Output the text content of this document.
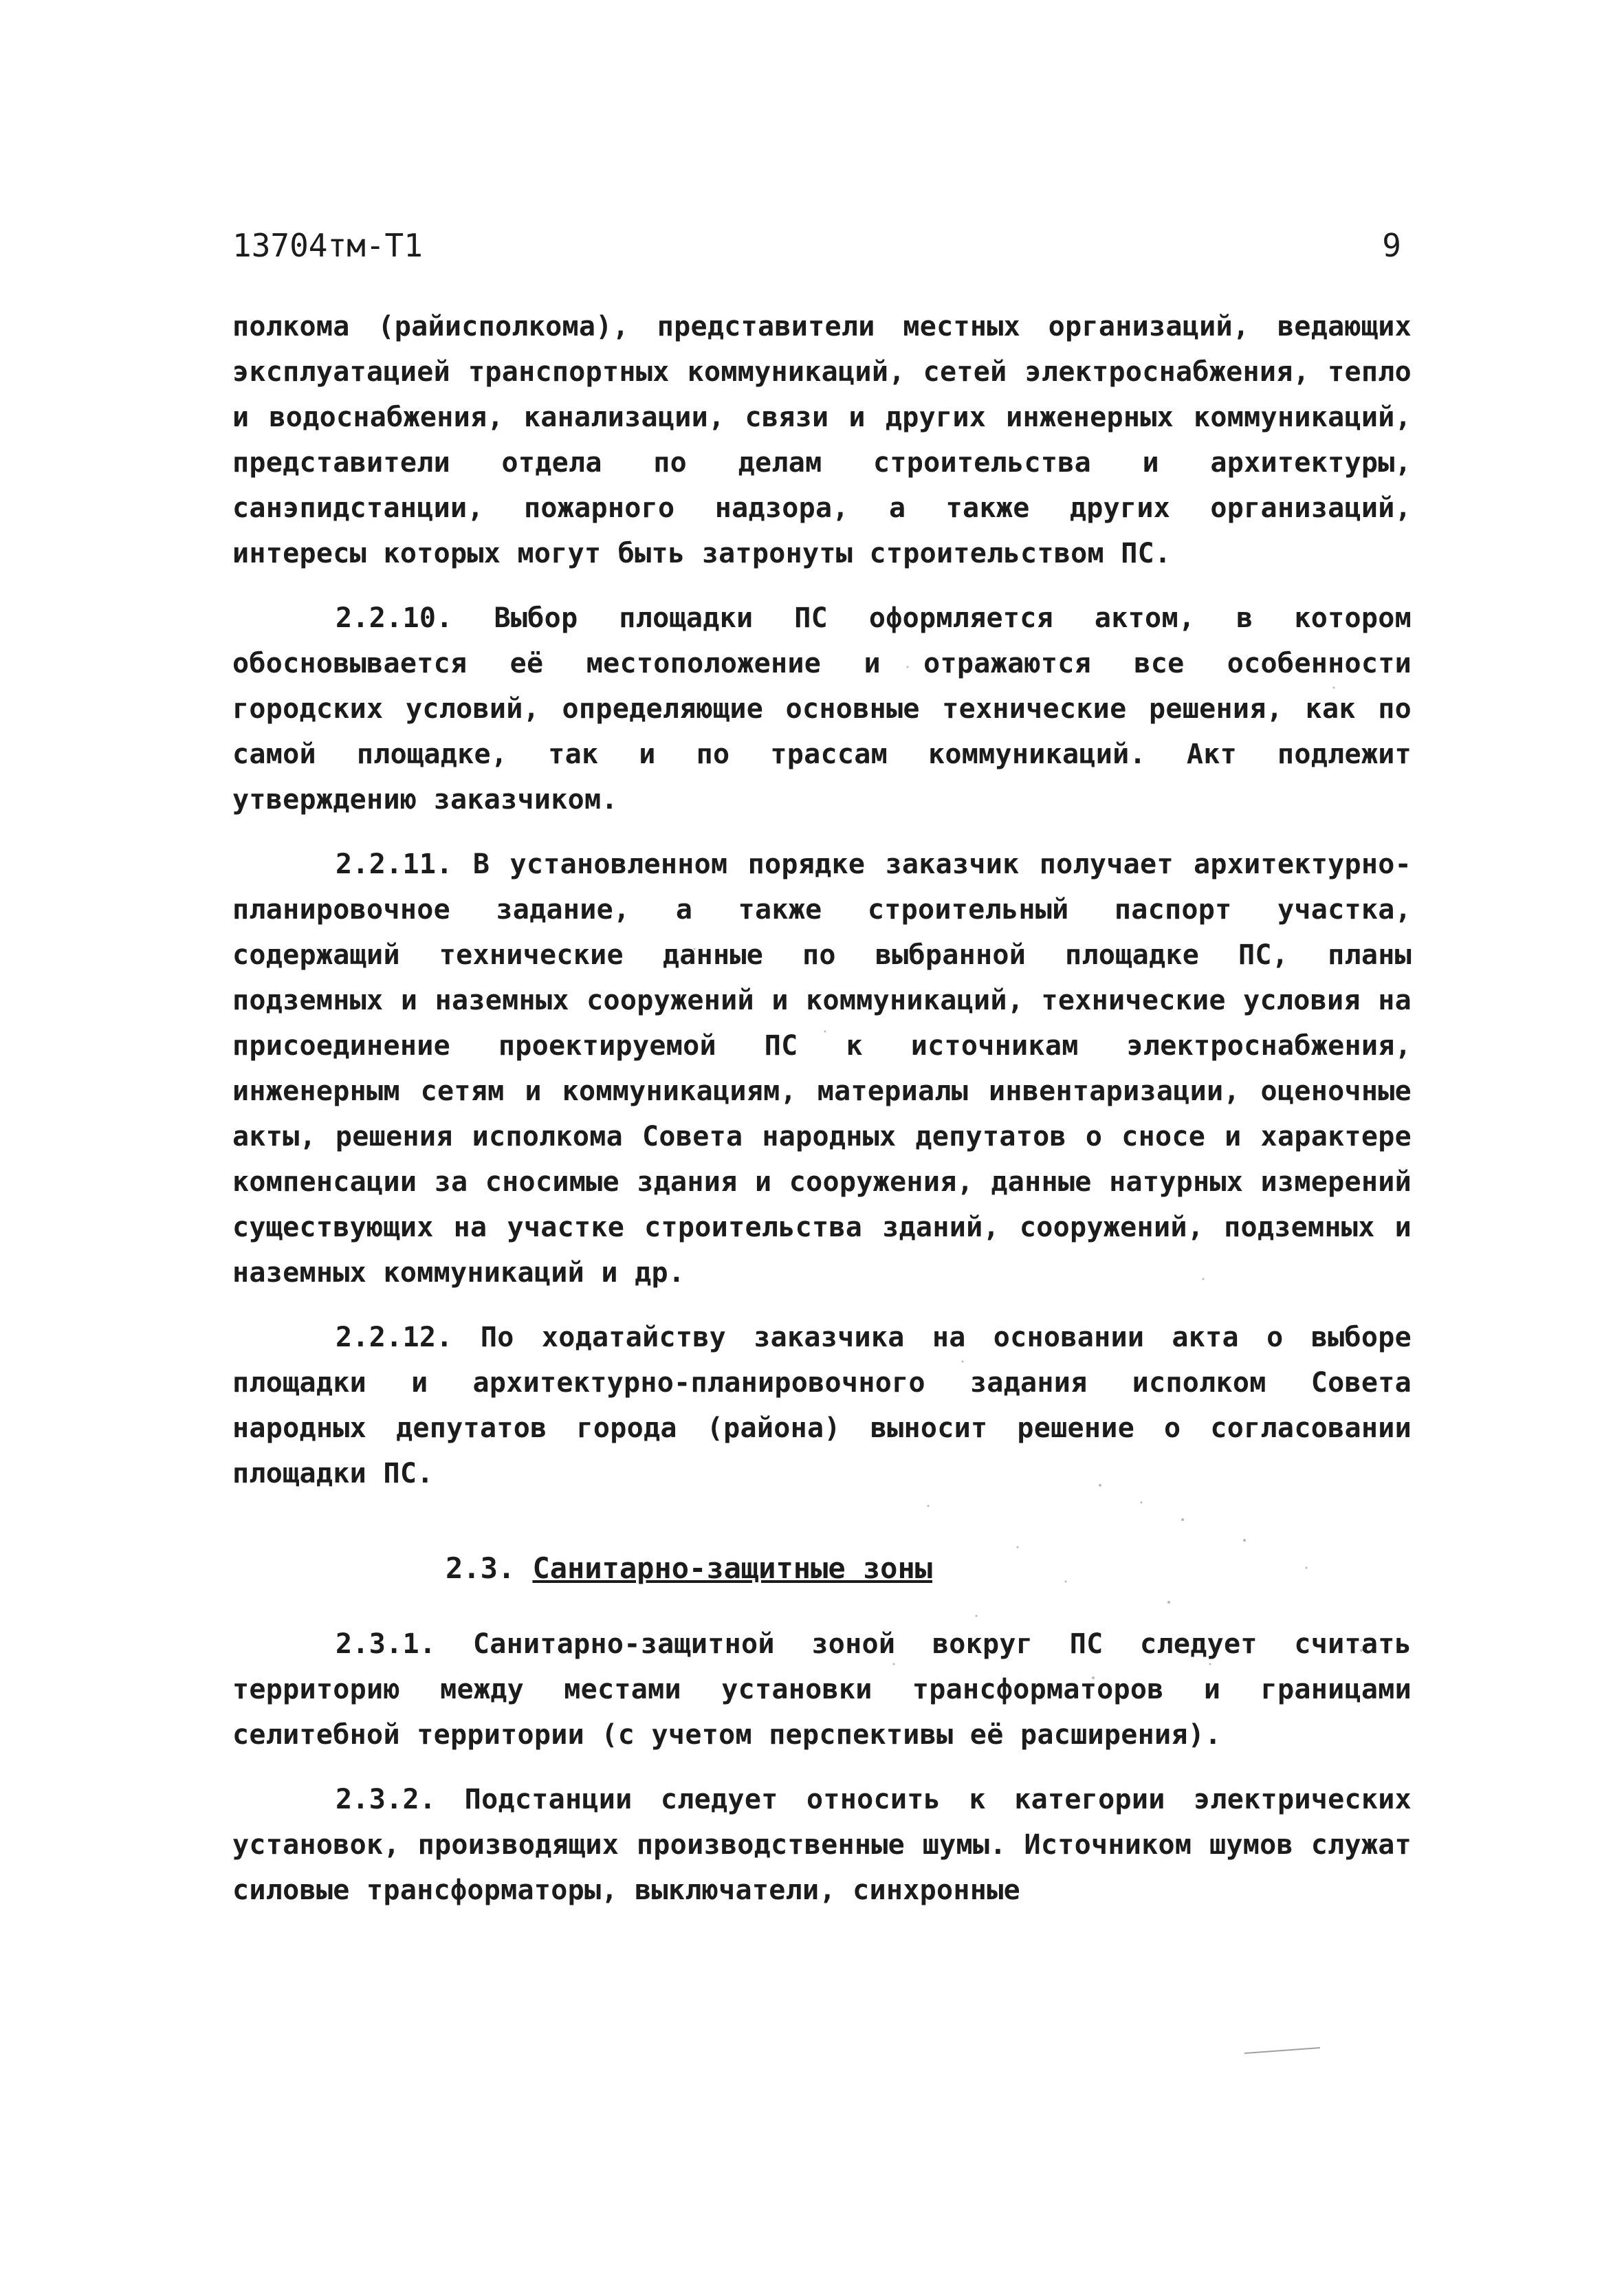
13704тм-Т1	9

полкома (райисполкома), представители местных организаций, ведающих эксплуатацией транспортных коммуникаций, сетей электроснабжения, тепло и водоснабжения, канализации, связи и других инженерных коммуникаций, представители отдела по делам строительства и архитектуры, санэпидстанции, пожарного надзора, а также других организаций, интересы которых могут быть затронуты строительством ПС.

2.2.10. Выбор площадки ПС оформляется актом, в котором обосновывается её местоположение и отражаются все особенности городских условий, определяющие основные технические решения, как по самой площадке, так и по трассам коммуникаций. Акт подлежит утверждению заказчиком.

2.2.11. В установленном порядке заказчик получает архитектурно-планировочное задание, а также строительный паспорт участка, содержащий технические данные по выбранной площадке ПС, планы подземных и наземных сооружений и коммуникаций, технические условия на присоединение проектируемой ПС к источникам электроснабжения, инженерным сетям и коммуникациям, материалы инвентаризации, оценочные акты, решения исполкома Совета народных депутатов о сносе и характере компенсации за сносимые здания и сооружения, данные натурных измерений существующих на участке строительства зданий, сооружений, подземных и наземных коммуникаций и др.

2.2.12. По ходатайству заказчика на основании акта о выборе площадки и архитектурно-планировочного задания исполком Совета народных депутатов города (района) выносит решение о согласовании площадки ПС.

2.3. Санитарно-защитные зоны

2.3.1. Санитарно-защитной зоной вокруг ПС следует считать территорию между местами установки трансформаторов и границами селитебной территории (с учетом перспективы её расширения).

2.3.2. Подстанции следует относить к категории электрических установок, производящих производственные шумы. Источником шумов служат силовые трансформаторы, выключатели, синхронные
